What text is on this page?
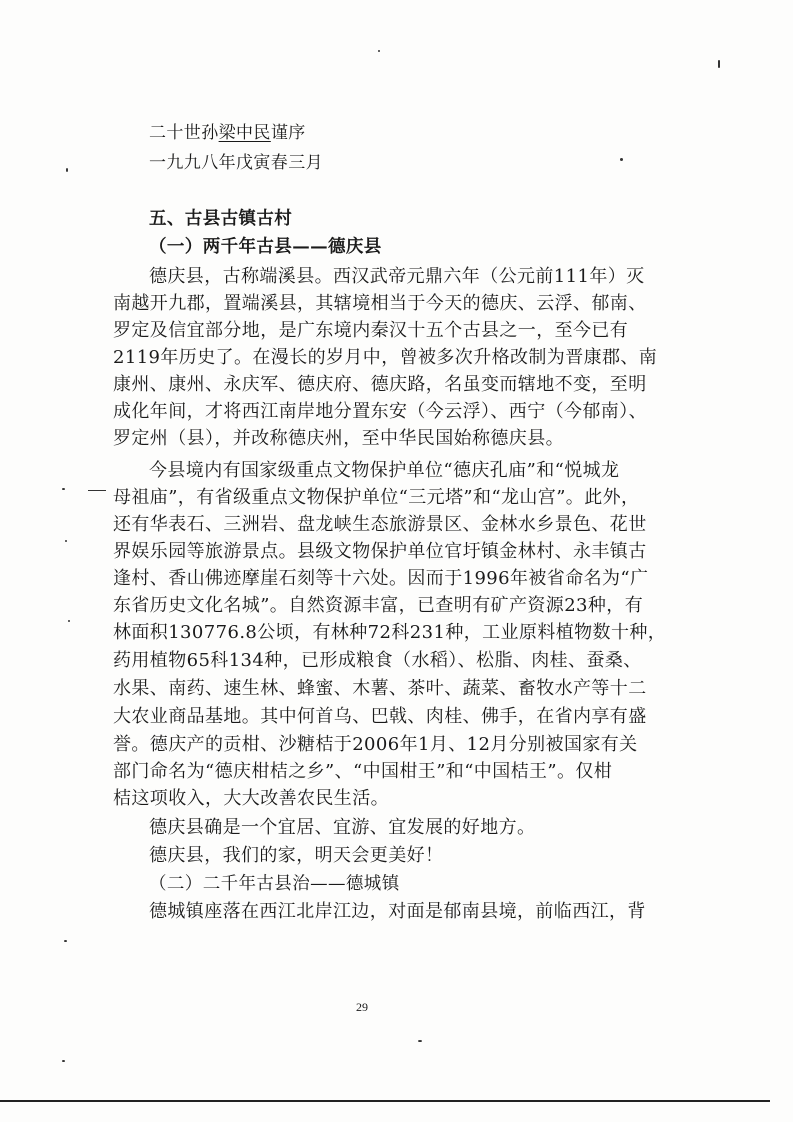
二十世孙梁中民谨序
一九九八年戊寅春三月
五、古县古镇古村
（一）两千年古县——德庆县
德庆县，古称端溪县。西汉武帝元鼎六年（公元前111年）灭
南越开九郡，置端溪县，其辖境相当于今天的德庆、云浮、郁南、
罗定及信宜部分地，是广东境内秦汉十五个古县之一，至今已有
2119年历史了。在漫长的岁月中，曾被多次升格改制为晋康郡、南
康州、康州、永庆军、德庆府、德庆路，名虽变而辖地不变，至明
成化年间，才将西江南岸地分置东安（今云浮）、西宁（今郁南）、
罗定州（县），并改称德庆州，至中华民国始称德庆县。
今县境内有国家级重点文物保护单位“德庆孔庙”和“悦城龙
母祖庙”，有省级重点文物保护单位“三元塔”和“龙山宫”。此外，
还有华表石、三洲岩、盘龙峡生态旅游景区、金林水乡景色、花世
界娱乐园等旅游景点。县级文物保护单位官圩镇金林村、永丰镇古
逢村、香山佛迹摩崖石刻等十六处。因而于1996年被省命名为“广
东省历史文化名城”。自然资源丰富，已查明有矿产资源23种，有
林面积130776.8公顷，有林种72科231种，工业原料植物数十种，
药用植物65科134种，已形成粮食（水稻）、松脂、肉桂、蚕桑、
水果、南药、速生林、蜂蜜、木薯、茶叶、蔬菜、畜牧水产等十二
大农业商品基地。其中何首乌、巴戟、肉桂、佛手，在省内享有盛
誉。德庆产的贡柑、沙糖桔于2006年1月、12月分别被国家有关
部门命名为“德庆柑桔之乡”、“中国柑王”和“中国桔王”。仅柑
桔这项收入，大大改善农民生活。
德庆县确是一个宜居、宜游、宜发展的好地方。
德庆县，我们的家，明天会更美好！
（二）二千年古县治——德城镇
德城镇座落在西江北岸江边，对面是郁南县境，前临西江，背
29
